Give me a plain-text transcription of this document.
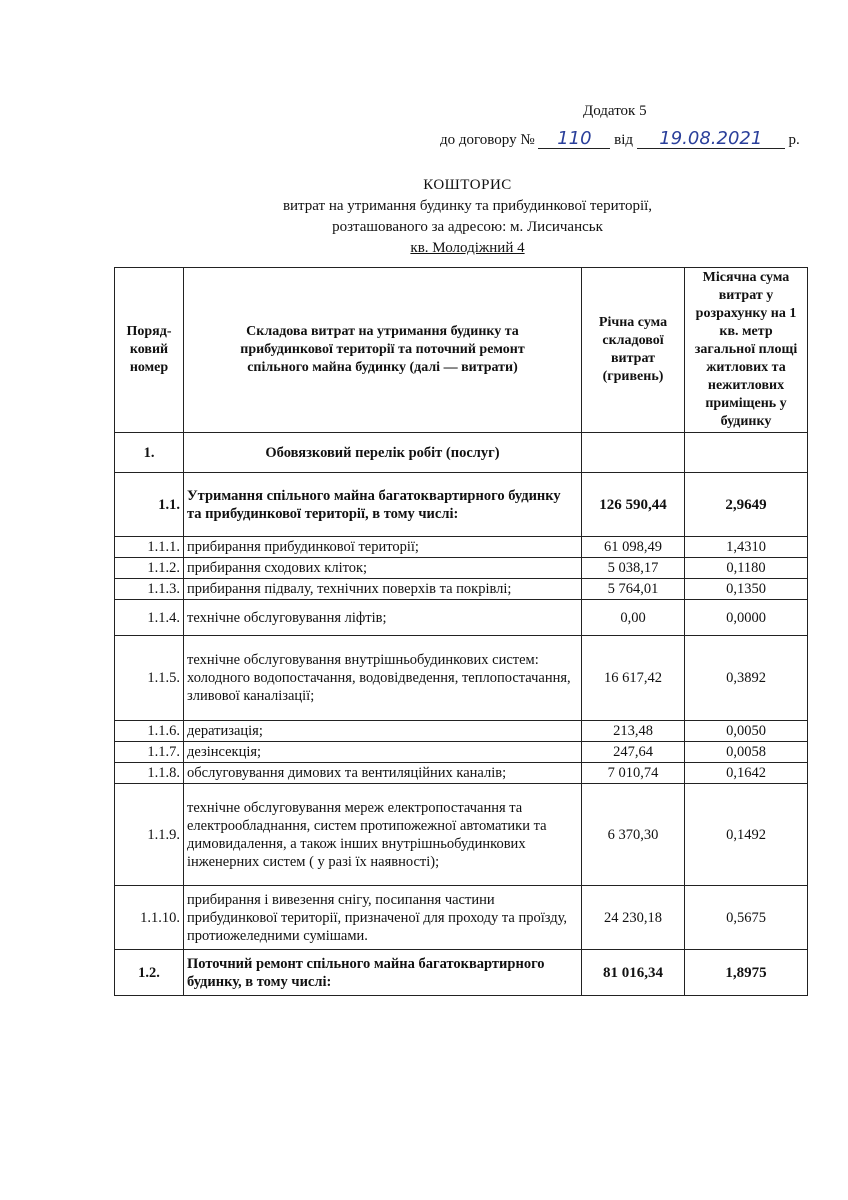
Додаток 5
до договору № 110 від 19.08.2021 р.
КОШТОРИС
витрат на утримання будинку та прибудинкової території,
розташованого за адресою: м. Лисичанськ
кв. Молодіжний 4
Поряд-ковий номер	Складова витрат на утримання будинку та прибудинкової території та поточний ремонт спільного майна будинку (далі — витрати)	Річна сума складової витрат (гривень)	Місячна сума витрат у розрахунку на 1 кв. метр загальної площі житлових та нежитлових приміщень у будинку
1.	Обовязковий перелік робіт (послуг)		
1.1.	Утримання спільного майна багатоквартирного будинку та прибудинкової території, в тому числі:	126 590,44	2,9649
1.1.1.	прибирання прибудинкової території;	61 098,49	1,4310
1.1.2.	прибирання сходових кліток;	5 038,17	0,1180
1.1.3.	прибирання підвалу, технічних поверхів та покрівлі;	5 764,01	0,1350
1.1.4.	технічне обслуговування ліфтів;	0,00	0,0000
1.1.5.	технічне обслуговування внутрішньобудинкових систем: холодного водопостачання, водовідведення, теплопостачання, зливової каналізації;	16 617,42	0,3892
1.1.6.	дератизація;	213,48	0,0050
1.1.7.	дезінсекція;	247,64	0,0058
1.1.8.	обслуговування димових та вентиляційних каналів;	7 010,74	0,1642
1.1.9.	технічне обслуговування мереж електропостачання та електрообладнання, систем протипожежної автоматики та димовидалення, а також інших внутрішньобудинкових інженерних систем ( у разі їх наявності);	6 370,30	0,1492
1.1.10.	прибирання і вивезення снігу, посипання частини прибудинкової території, призначеної для проходу та проїзду, протиожеледними сумішами.	24 230,18	0,5675
1.2.	Поточний ремонт спільного майна багатоквартирного будинку, в тому числі:	81 016,34	1,8975
